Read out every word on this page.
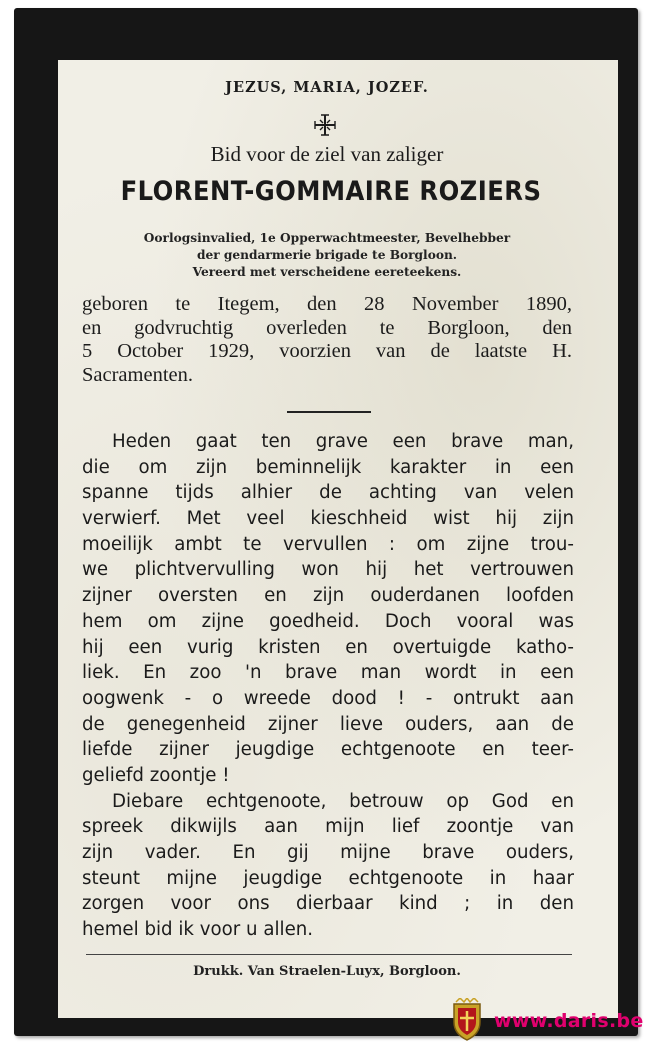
JEZUS, MARIA, JOZEF.
Bid voor de ziel van zaliger
FLORENT-GOMMAIRE ROZIERS
Oorlogsinvalied, 1e Opperwachtmeester, Bevelhebber
der gendarmerie brigade te Borgloon.
Vereerd met verscheidene eereteekens.
geboren te Itegem, den 28 November 1890,
en godvruchtig overleden te Borgloon, den
5 October 1929, voorzien van de laatste H.
Sacramenten.
Heden gaat ten grave een brave man,
die om zijn beminnelijk karakter in een
spanne tijds alhier de achting van velen
verwierf. Met veel kieschheid wist hij zijn
moeilijk ambt te vervullen : om zijne trou-
we plichtvervulling won hij het vertrouwen
zijner oversten en zijn ouderdanen loofden
hem om zijne goedheid. Doch vooral was
hij een vurig kristen en overtuigde katho-
liek. En zoo 'n brave man wordt in een
oogwenk - o wreede dood ! - ontrukt aan
de genegenheid zijner lieve ouders, aan de
liefde zijner jeugdige echtgenoote en teer-
geliefd zoontje !
Diebare echtgenoote, betrouw op God en
spreek dikwijls aan mijn lief zoontje van
zijn vader. En gij mijne brave ouders,
steunt mijne jeugdige echtgenoote in haar
zorgen voor ons dierbaar kind ; in den
hemel bid ik voor u allen.
Drukk. Van Straelen-Luyx, Borgloon.
www.daris.be
